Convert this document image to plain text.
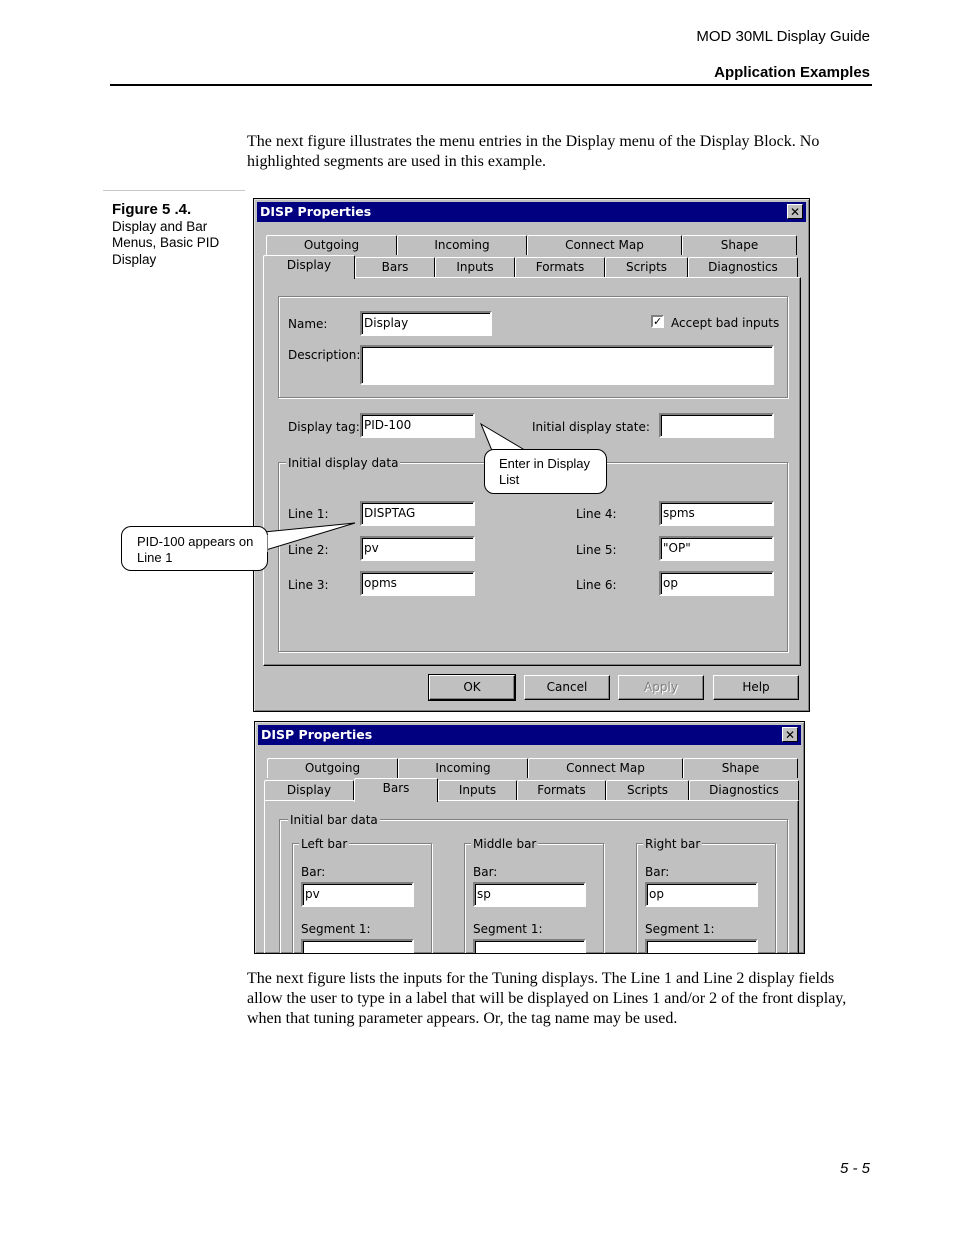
MOD 30ML Display Guide
Application Examples
The next figure illustrates the menu entries in the Display menu of the Display Block. No highlighted segments are used in this example.
Figure 5 .4.
Display and Bar Menus, Basic PID Display
DISP Properties	✕
Outgoing	Incoming	Connect Map	Shape
Display	Bars	Inputs	Formats	Scripts	Diagnostics
Name:	Display	✓ Accept bad inputs
Description:
Display tag: PID-100	Initial display state:
Initial display data
Line 1:	DISPTAG
Line 2:	pv
Line 3:	opms
Line 4:	spms
Line 5:	"OP"
Line 6:	op
OK	Cancel	Apply	Help
Enter in Display List
PID-100 appears on Line 1
DISP Properties	✕
Outgoing	Incoming	Connect Map	Shape
Display	Bars	Inputs	Formats	Scripts	Diagnostics
Initial bar data
Left bar
Bar:
pv
Segment 1:
Middle bar
Bar:
sp
Segment 1:
Right bar
Bar:
op
Segment 1:
The next figure lists the inputs for the Tuning displays. The Line 1 and Line 2 display fields allow the user to type in a label that will be displayed on Lines 1 and/or 2 of the front display, when that tuning parameter appears. Or, the tag name may be used.
5 - 5
